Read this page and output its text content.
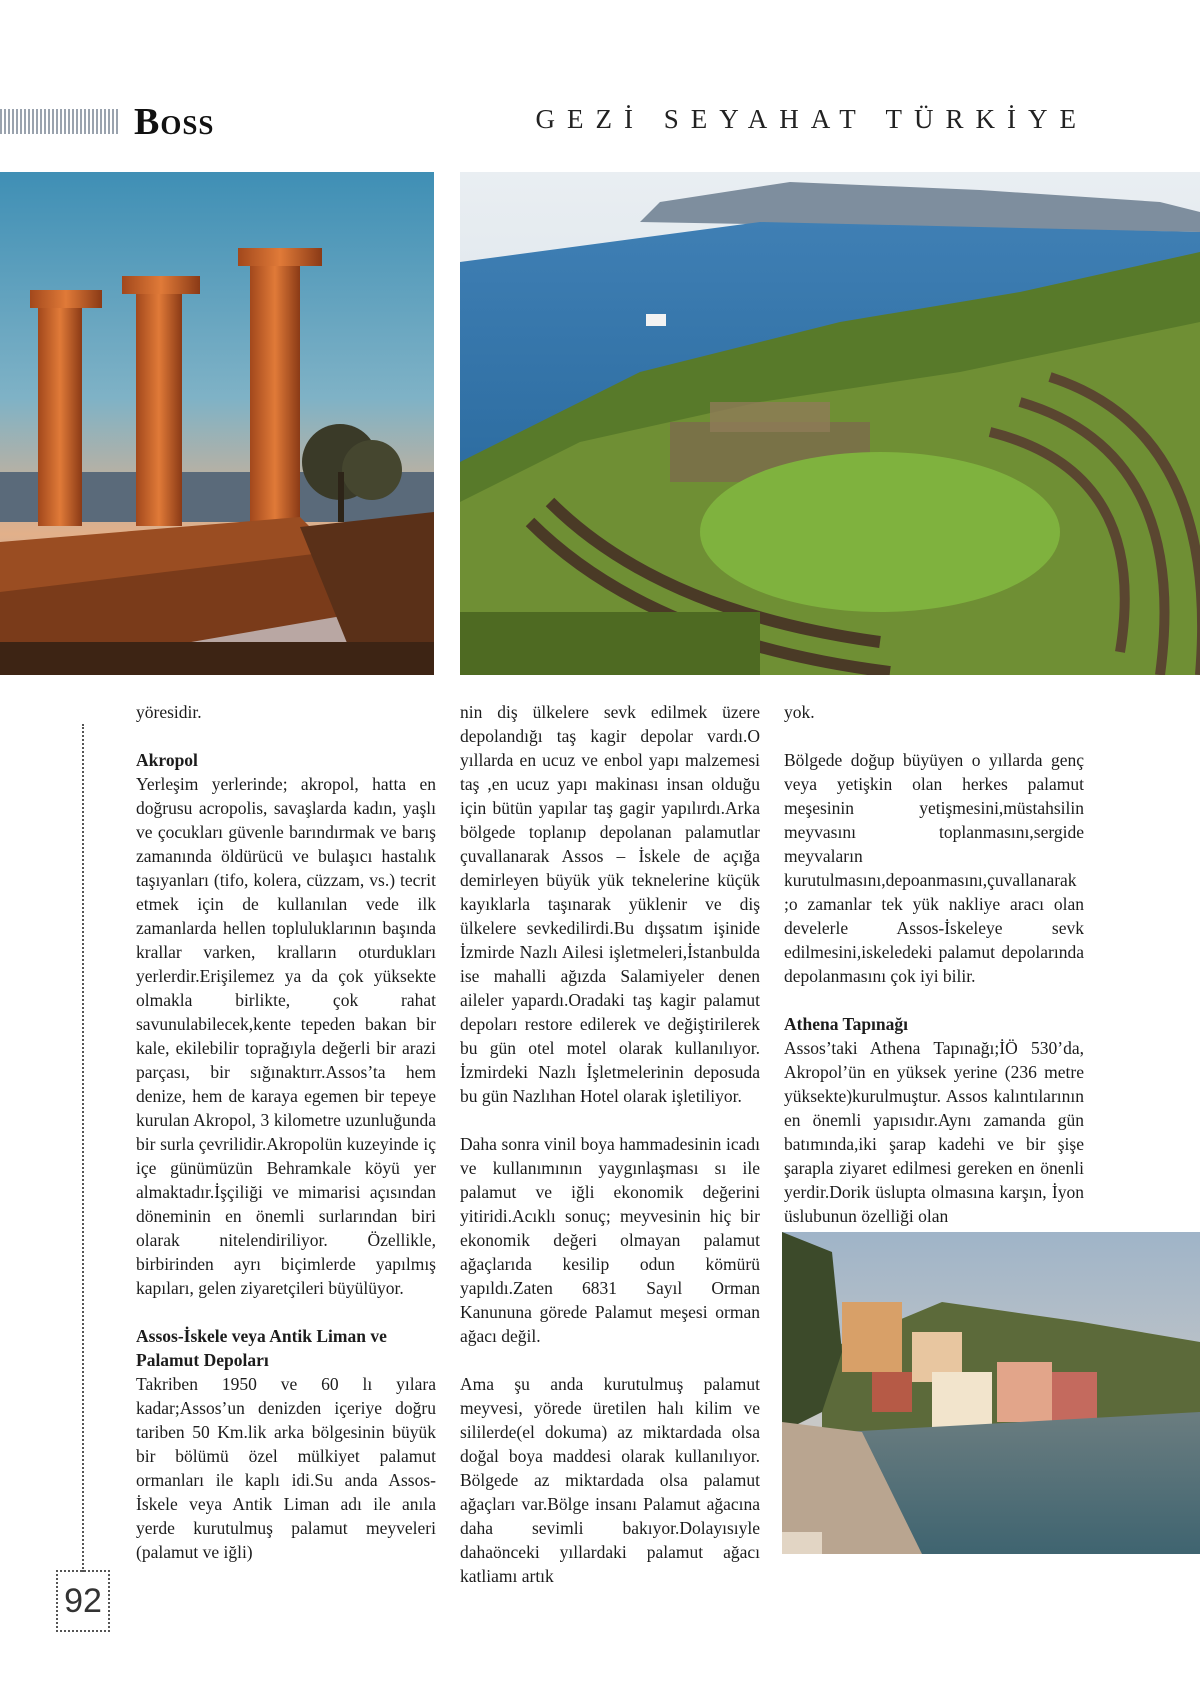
Boss	GEZİ SEYAHAT TÜRKİYE
92

yöresidir.

Akropol

Yerleşim yerlerinde; akropol, hatta en doğrusu acropolis, savaşlarda kadın, yaşlı ve çocukları güvenle barındırmak ve barış zamanında öldürücü ve bulaşıcı hastalık taşıyanları (tifo, kolera, cüzzam, vs.) tecrit etmek için de kullanılan vede ilk zamanlarda hellen topluluklarının başında krallar varken, kralların oturdukları yerlerdir.Erişilemez ya da çok yüksekte olmakla birlikte, çok rahat savunulabilecek,kente tepeden bakan bir kale, ekilebilir toprağıyla değerli bir arazi parçası, bir sığınaktırr.Assos’ta hem denize, hem de karaya egemen bir tepeye kurulan Akropol, 3 kilometre uzunluğunda bir surla çevrilidir.Akropolün kuzeyinde iç içe günümüzün Behramkale köyü yer almaktadır.İşçiliği ve mimarisi açısından döneminin en önemli surlarından biri olarak nitelendiriliyor. Özellikle, birbirinden ayrı biçimlerde yapılmış kapıları, gelen ziyaretçileri büyülüyor.

Assos-İskele veya Antik Liman ve Palamut Depoları

Takriben 1950 ve 60 lı yılara kadar;Assos’un denizden içeriye doğru tariben 50 Km.lik arka bölgesinin büyük bir bölümü özel mülkiyet palamut ormanları ile kaplı idi.Su anda Assos-İskele veya Antik Liman adı ile anıla yerde kurutulmuş palamut meyveleri (palamut ve iğli)

nin diş ülkelere sevk edilmek üzere depolandığı taş kagir depolar vardı.O yıllarda en ucuz ve enbol yapı malzemesi taş ,en ucuz yapı makinası insan olduğu için bütün yapılar taş gagir yapılırdı.Arka bölgede toplanıp depolanan palamutlar çuvallanarak Assos – İskele de açığa demirleyen büyük yük teknelerine küçük kayıklarla taşınarak yüklenir ve diş ülkelere sevkedilirdi.Bu dışsatım işinide İzmirde Nazlı Ailesi işletmeleri,İstanbulda ise mahalli ağızda Salamiyeler denen aileler yapardı.Oradaki taş kagir palamut depoları restore edilerek ve değiştirilerek bu gün otel motel olarak kullanılıyor. İzmirdeki Nazlı İşletmelerinin deposuda bu gün Nazlıhan Hotel olarak işletiliyor.

Daha sonra vinil boya hammadesinin icadı ve kullanımının yaygınlaşması sı ile palamut ve iğli ekonomik değerini yitiridi.Acıklı sonuç; meyvesinin hiç bir ekonomik değeri olmayan palamut ağaçlarıda kesilip odun kömürü yapıldı.Zaten 6831 Sayıl Orman Kanununa görede Palamut meşesi orman ağacı değil.

Ama şu anda kurutulmuş palamut meyvesi, yörede üretilen halı kilim ve sililerde(el dokuma) az miktardada olsa doğal boya maddesi olarak kullanılıyor. Bölgede az miktardada olsa palamut ağaçları var.Bölge insanı Palamut ağacına daha sevimli bakıyor.Dolayısıyle dahaönceki yıllardaki palamut ağacı katliamı artık

yok.

Bölgede doğup büyüyen o yıllarda genç veya yetişkin olan herkes palamut meşesinin yetişmesini,müstahsilin meyvasını toplanmasını,sergide meyvaların kurutulmasını,depoanmasını,çuvallanarak ;o zamanlar tek yük nakliye aracı olan develerle Assos-İskeleye sevk edilmesini,iskeledeki palamut depolarında depolanmasını çok iyi bilir.

Athena Tapınağı

Assos’taki Athena Tapınağı;İÖ 530’da, Akropol’ün en yüksek yerine (236 metre yüksekte)kurulmuştur. Assos kalıntılarının en önemli yapısıdır.Aynı zamanda gün batımında,iki şarap kadehi ve bir şişe şarapla ziyaret edilmesi gereken en önenli yerdir.Dorik üslupta olmasına karşın, İyon üslubunun özelliği olan
